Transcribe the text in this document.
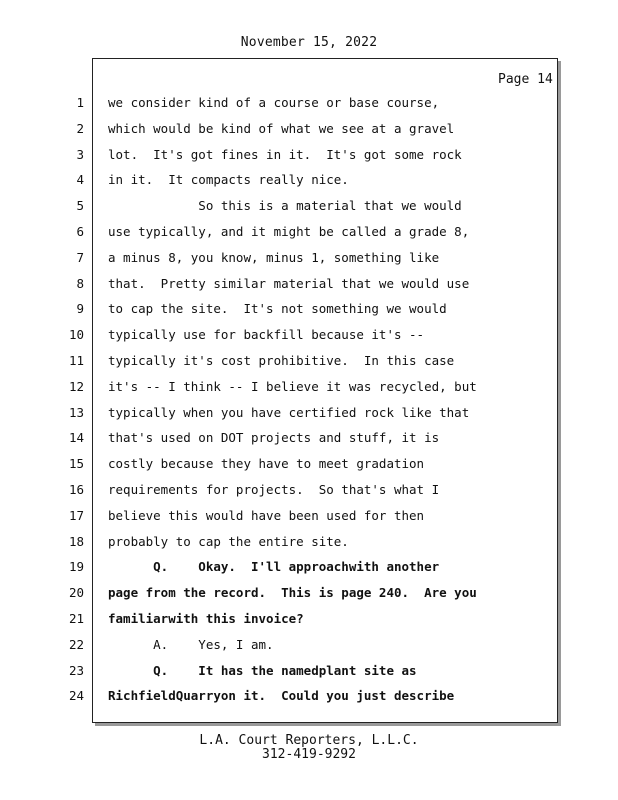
November 15, 2022
Page 14
1
2
3
4
5
6
7
8
9
10
11
12
13
14
15
16
17
18
19
20
21
22
23
24
we consider kind of a course or base course,
which would be kind of what we see at a gravel
lot.  It's got fines in it.  It's got some rock
in it.  It compacts really nice.
So this is a material that we would
use typically, and it might be called a grade 8,
a minus 8, you know, minus 1, something like
that.  Pretty similar material that we would use
to cap the site.  It's not something we would
typically use for backfill because it's --
typically it's cost prohibitive.  In this case
it's -- I think -- I believe it was recycled, but
typically when you have certified rock like that
that's used on DOT projects and stuff, it is
costly because they have to meet gradation
requirements for projects.  So that's what I
believe this would have been used for then
probably to cap the entire site.
Q.    Okay.  I'll approachwith another
page from the record.  This is page 240.  Are you
familiarwith this invoice?
A.    Yes, I am.
Q.    It has the namedplant site as
RichfieldQuarryon it.  Could you just describe
L.A. Court Reporters, L.L.C.
312-419-9292
